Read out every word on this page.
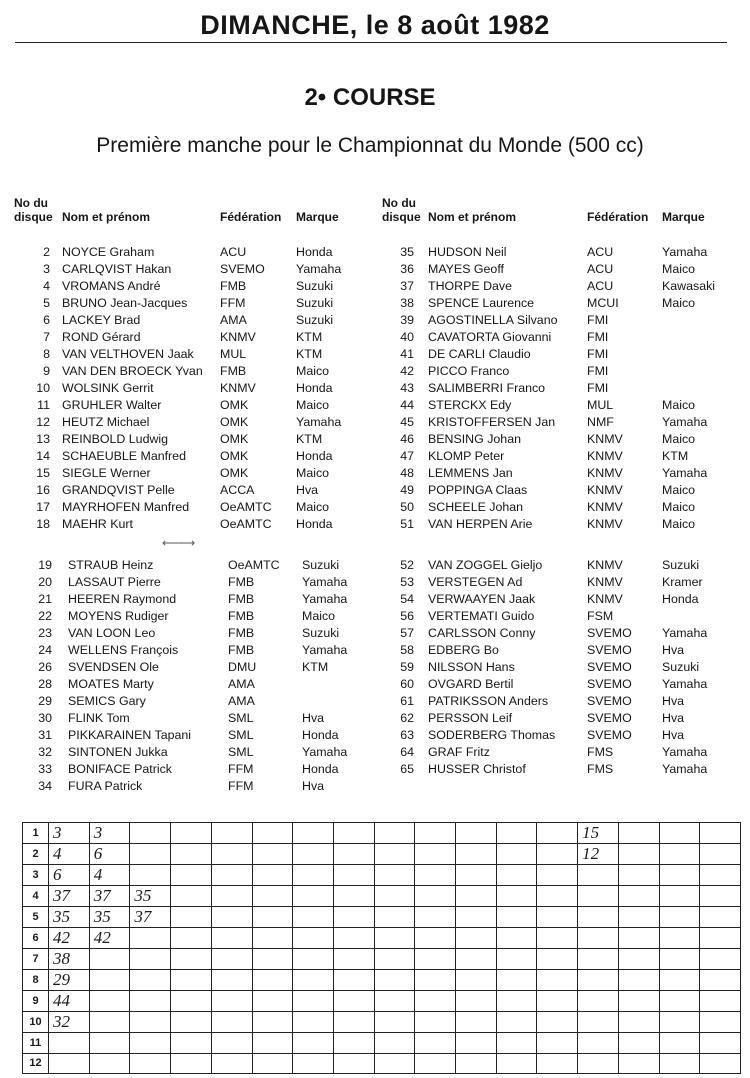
DIMANCHE, le 8 août 1982
2• COURSE
Première manche pour le Championnat du Monde (500 cc)
No du
disque Nom et prénom	Fédération Marque
No du
disque Nom et prénom	Fédération Marque
2 NOYCE Graham	ACU	Honda
3 CARLQVIST Hakan	SVEMO	Yamaha
4 VROMANS André	FMB	Suzuki
5 BRUNO Jean-Jacques	FFM	Suzuki
6 LACKEY Brad	AMA	Suzuki
7 ROND Gérard	KNMV	KTM
8 VAN VELTHOVEN Jaak MUL	KTM
9 VAN DEN BROECK Yvan FMB	Maico
10 WOLSINK Gerrit	KNMV	Honda
11 GRUHLER Walter	OMK	Maico
12 HEUTZ Michael	OMK	Yamaha
13 REINBOLD Ludwig	OMK	KTM
14 SCHAEUBLE Manfred	OMK	Honda
15 SIEGLE Werner	OMK	Maico
16 GRANDQVIST Pelle	ACCA	Hva
17 MAYRHOFEN Manfred OeAMTC Maico
18 MAEHR Kurt	OeAMTC Honda
19 STRAUB Heinz	OeAMTC Suzuki
20 LASSAUT Pierre	FMB	Yamaha
21 HEEREN Raymond	FMB	Yamaha
22 MOYENS Rudiger	FMB	Maico
23 VAN LOON Leo	FMB	Suzuki
24 WELLENS François	FMB	Yamaha
26 SVENDSEN Ole	DMU	KTM
28 MOATES Marty	AMA
29 SEMICS Gary	AMA
30 FLINK Tom	SML	Hva
31 PIKKARAINEN Tapani	SML	Honda
32 SINTONEN Jukka	SML	Yamaha
33 BONIFACE Patrick	FFM	Honda
34 FURA Patrick	FFM	Hva
35 HUDSON Neil	ACU	Yamaha
36 MAYES Geoff	ACU	Maico
37 THORPE Dave	ACU	Kawasaki
38 SPENCE Laurence	MCUI	Maico
39 AGOSTINELLA Silvano FMI
40 CAVATORTA Giovanni	FMI
41 DE CARLI Claudio	FMI
42 PICCO Franco	FMI
43 SALIMBERRI Franco	FMI
44 STERCKX Edy	MUL	Maico
45 KRISTOFFERSEN Jan	NMF	Yamaha
46 BENSING Johan	KNMV	Maico
47 KLOMP Peter	KNMV	KTM
48 LEMMENS Jan	KNMV	Yamaha
49 POPPINGA Claas	KNMV	Maico
50 SCHEELE Johan	KNMV	Maico
51 VAN HERPEN Arie	KNMV	Maico
52 VAN ZOGGEL Gieljo	KNMV	Suzuki
53 VERSTEGEN Ad	KNMV	Kramer
54 VERWAAYEN Jaak	KNMV	Honda
56 VERTEMATI Guido	FSM
57 CARLSSON Conny	SVEMO Yamaha
58 EDBERG Bo	SVEMO Hva
59 NILSSON Hans	SVEMO Suzuki
60 OVGARD Bertil	SVEMO Yamaha
61 PATRIKSSON Anders	SVEMO Hva
62 PERSSON Leif	SVEMO Hva
63 SODERBERG Thomas	SVEMO Hva
64 GRAF Fritz	FMS	Yamaha
65 HUSSER Christof	FMS	Yamaha
⟵
⟶
1	3	3												15			
2	4	6												12			
3	6	4															
4	37	37	35														
5	35	35	37														
6	42	42															
7	38																
8	29																
9	44																
10	32																
11																	
12																	
